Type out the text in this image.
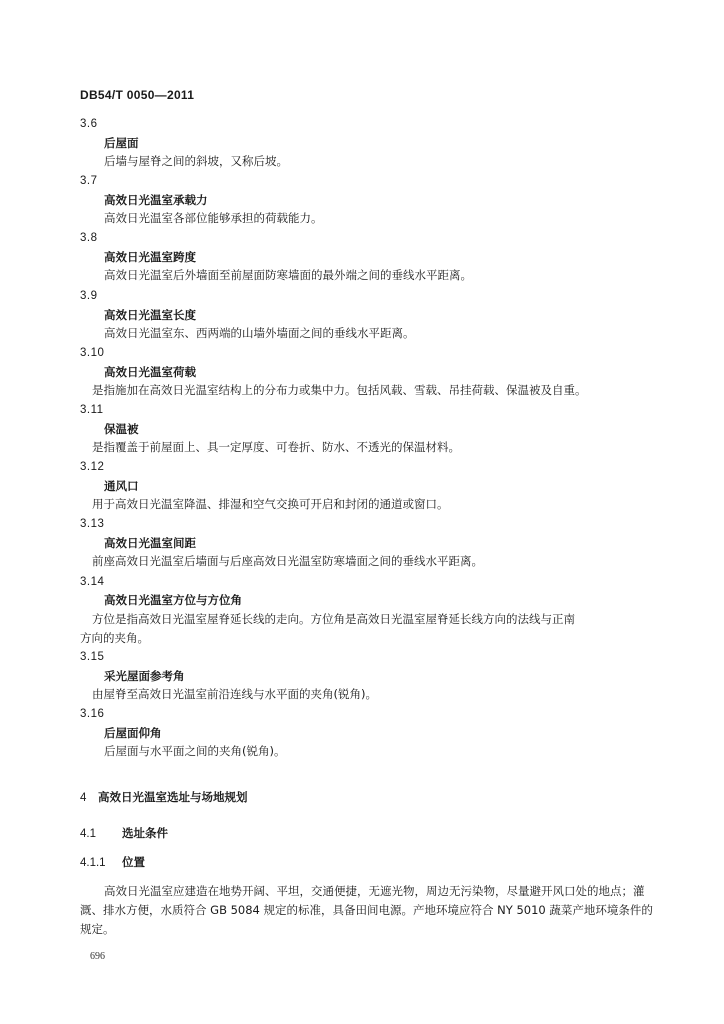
DB54/T 0050—2011
3.6
后屋面
后墙与屋脊之间的斜坡，又称后坡。
3.7
高效日光温室承载力
高效日光温室各部位能够承担的荷载能力。
3.8
高效日光温室跨度
高效日光温室后外墙面至前屋面防寒墙面的最外端之间的垂线水平距离。
3.9
高效日光温室长度
高效日光温室东、西两端的山墙外墙面之间的垂线水平距离。
3.10
高效日光温室荷载
是指施加在高效日光温室结构上的分布力或集中力。包括风载、雪载、吊挂荷载、保温被及自重。
3.11
保温被
是指覆盖于前屋面上、具一定厚度、可卷折、防水、不透光的保温材料。
3.12
通风口
用于高效日光温室降温、排湿和空气交换可开启和封闭的通道或窗口。
3.13
高效日光温室间距
前座高效日光温室后墙面与后座高效日光温室防寒墙面之间的垂线水平距离。
3.14
高效日光温室方位与方位角
方位是指高效日光温室屋脊延长线的走向。方位角是高效日光温室屋脊延长线方向的法线与正南
方向的夹角。
3.15
采光屋面参考角
由屋脊至高效日光温室前沿连线与水平面的夹角(锐角)。
3.16
后屋面仰角
后屋面与水平面之间的夹角(锐角)。
4 高效日光温室选址与场地规划
4.1 选址条件
4.1.1 位置
高效日光温室应建造在地势开阔、平坦，交通便捷，无遮光物，周边无污染物，尽量避开风口处的地点；灌溉、排水方便，水质符合 GB 5084 规定的标准，具备田间电源。产地环境应符合 NY 5010 蔬菜产地环境条件的规定。
696
